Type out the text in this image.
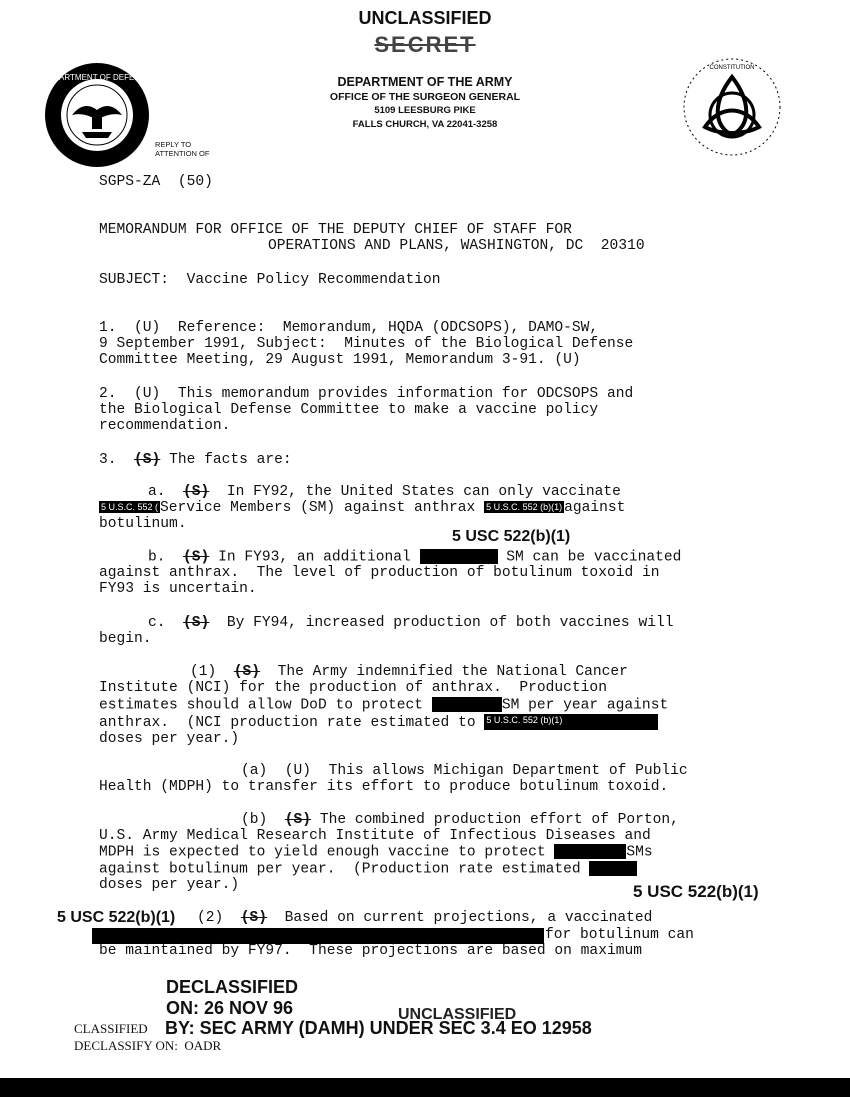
UNCLASSIFIED
SECRET
DEPARTMENT OF DEFENSE
REPLY TO
ATTENTION OF
DEPARTMENT OF THE ARMY
OFFICE OF THE SURGEON GENERAL
5109 LEESBURG PIKE
FALLS CHURCH, VA 22041-3258
CONSTITUTION
SGPS-ZA  (50)
MEMORANDUM FOR OFFICE OF THE DEPUTY CHIEF OF STAFF FOR
OPERATIONS AND PLANS, WASHINGTON, DC  20310
SUBJECT:  Vaccine Policy Recommendation
1.  (U)  Reference:  Memorandum, HQDA (ODCSOPS), DAMO-SW,
9 September 1991, Subject:  Minutes of the Biological Defense
Committee Meeting, 29 August 1991, Memorandum 3-91. (U)
2.  (U)  This memorandum provides information for ODCSOPS and
the Biological Defense Committee to make a vaccine policy
recommendation.
3. (S) The facts are:
a. (S) In FY92, the United States can only vaccinate
5 U.S.C. 552 ( Service Members (SM) against anthrax 5 U.S.C. 552 (b)(1) against
botulinum.
5 USC 522(b)(1)
b. (S) In FY93, an additional	SM can be vaccinated
against anthrax.  The level of production of botulinum toxoid in
FY93 is uncertain.
c. (S) By FY94, increased production of both vaccines will
begin.
(1) (S) The Army indemnified the National Cancer
Institute (NCI) for the production of anthrax.  Production
estimates should allow DoD to protect	SM per year against
anthrax.  (NCI production rate estimated to 5 U.S.C. 552 (b)(1)
doses per year.)
(a) (U)  This allows Michigan Department of Public
Health (MDPH) to transfer its effort to produce botulinum toxoid.
(b) (S) The combined production effort of Porton,
U.S. Army Medical Research Institute of Infectious Diseases and
MDPH is expected to yield enough vaccine to protect	SMs
against botulinum per year.  (Production rate estimated
doses per year.)	5 USC 522(b)(1)
5 USC 522(b)(1) (2) (S) Based on current projections, a vaccinated
for botulinum can
be maintained by FY97.  These projections are based on maximum
DECLASSIFIED
ON: 26 NOV 96
CLASSIFIED BY: SEC ARMY (DAMH) UNDER SEC 3.4 EO 12958
UNCLASSIFIED
DECLASSIFY ON:  OADR
